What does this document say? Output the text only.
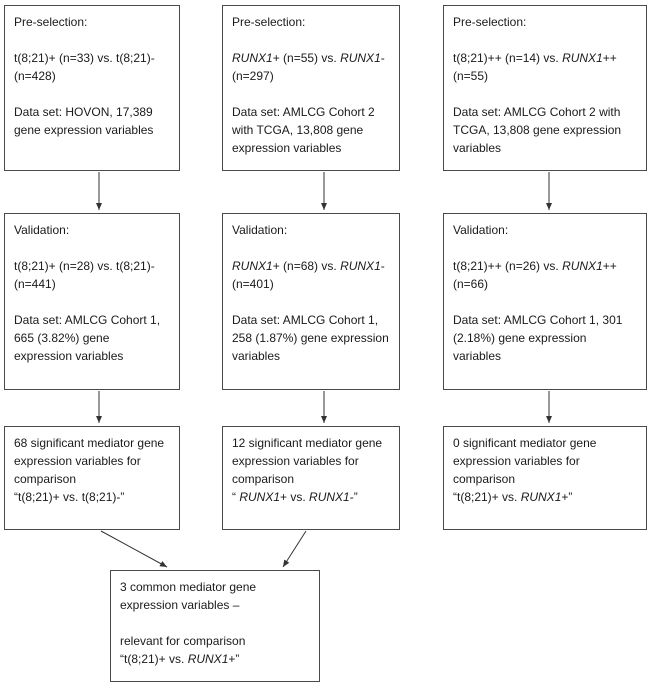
Pre-selection:

t(8;21)+ (n=33) vs. t(8;21)- (n=428)

Data set: HOVON, 17,389 gene expression variables

Pre-selection:

RUNX1+ (n=55) vs. RUNX1- (n=297)

Data set: AMLCG Cohort 2 with TCGA, 13,808 gene expression variables

Pre-selection:

t(8;21)++ (n=14) vs. RUNX1++ (n=55)

Data set: AMLCG Cohort 2 with TCGA, 13,808 gene expression variables

Validation:

t(8;21)+ (n=28) vs. t(8;21)- (n=441)

Data set: AMLCG Cohort 1, 665 (3.82%) gene expression variables

Validation:

RUNX1+ (n=68) vs. RUNX1- (n=401)

Data set: AMLCG Cohort 1, 258 (1.87%) gene expression variables

Validation:

t(8;21)++ (n=26) vs. RUNX1++ (n=66)

Data set: AMLCG Cohort 1, 301 (2.18%) gene expression variables

68 significant mediator gene expression variables for comparison

“t(8;21)+ vs. t(8;21)-”

12 significant mediator gene expression variables for comparison

“ RUNX1+ vs. RUNX1-”

0 significant mediator gene expression variables for comparison

“t(8;21)+ vs. RUNX1+”

3 common mediator gene expression variables –

relevant for comparison

“t(8;21)+ vs. RUNX1+”
